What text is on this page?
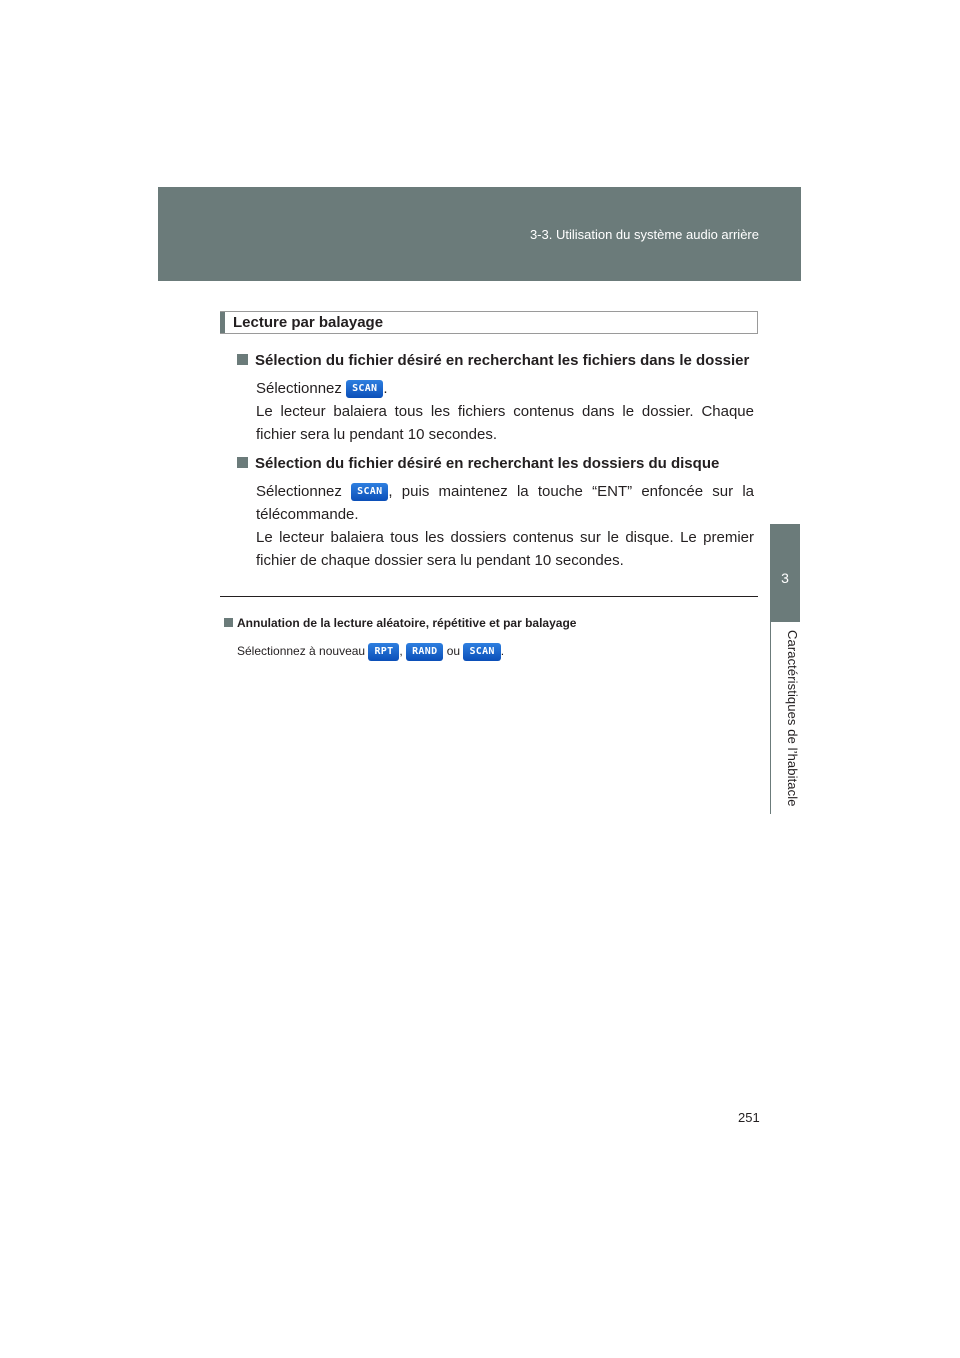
3-3. Utilisation du système audio arrière
3
Caractéristiques de l’habitacle
Lecture par balayage
Sélection du fichier désiré en recherchant les fichiers dans le dossier
Sélectionnez SCAN .
Le lecteur balaiera tous les fichiers contenus dans le dossier. Chaque fichier sera lu pendant 10 secondes.
Sélection du fichier désiré en recherchant les dossiers du disque
Sélectionnez SCAN , puis maintenez la touche “ENT” enfoncée sur la télécommande.
Le lecteur balaiera tous les dossiers contenus sur le disque. Le premier fichier de chaque dossier sera lu pendant 10 secondes.
Annulation de la lecture aléatoire, répétitive et par balayage
Sélectionnez à nouveau RPT , RAND ou SCAN .
251
